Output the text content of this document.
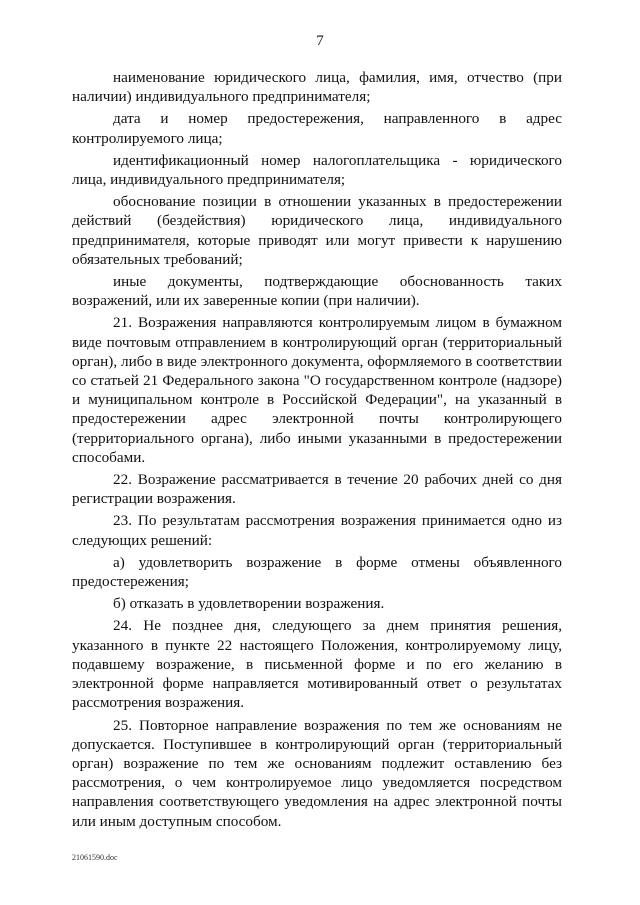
7

наименование юридического лица, фамилия, имя, отчество (при наличии) индивидуального предпринимателя;

дата и номер предостережения, направленного в адрес контролируемого лица;

идентификационный номер налогоплательщика - юридического лица, индивидуального предпринимателя;

обоснование позиции в отношении указанных в предостережении действий (бездействия) юридического лица, индивидуального предпринимателя, которые приводят или могут привести к нарушению обязательных требований;

иные документы, подтверждающие обоснованность таких возражений, или их заверенные копии (при наличии).

21. Возражения направляются контролируемым лицом в бумажном виде почтовым отправлением в контролирующий орган (территориальный орган), либо в виде электронного документа, оформляемого в соответствии со статьей 21 Федерального закона "О государственном контроле (надзоре) и муниципальном контроле в Российской Федерации", на указанный в предостережении адрес электронной почты контролирующего (территориального органа), либо иными указанными в предостережении способами.

22. Возражение рассматривается в течение 20 рабочих дней со дня регистрации возражения.

23. По результатам рассмотрения возражения принимается одно из следующих решений:

а) удовлетворить возражение в форме отмены объявленного предостережения;

б) отказать в удовлетворении возражения.

24. Не позднее дня, следующего за днем принятия решения, указанного в пункте 22 настоящего Положения, контролируемому лицу, подавшему возражение, в письменной форме и по его желанию в электронной форме направляется мотивированный ответ о результатах рассмотрения возражения.

25. Повторное направление возражения по тем же основаниям не допускается. Поступившее в контролирующий орган (территориальный орган) возражение по тем же основаниям подлежит оставлению без рассмотрения, о чем контролируемое лицо уведомляется посредством направления соответствующего уведомления на адрес электронной почты или иным доступным способом.

21061590.doc
